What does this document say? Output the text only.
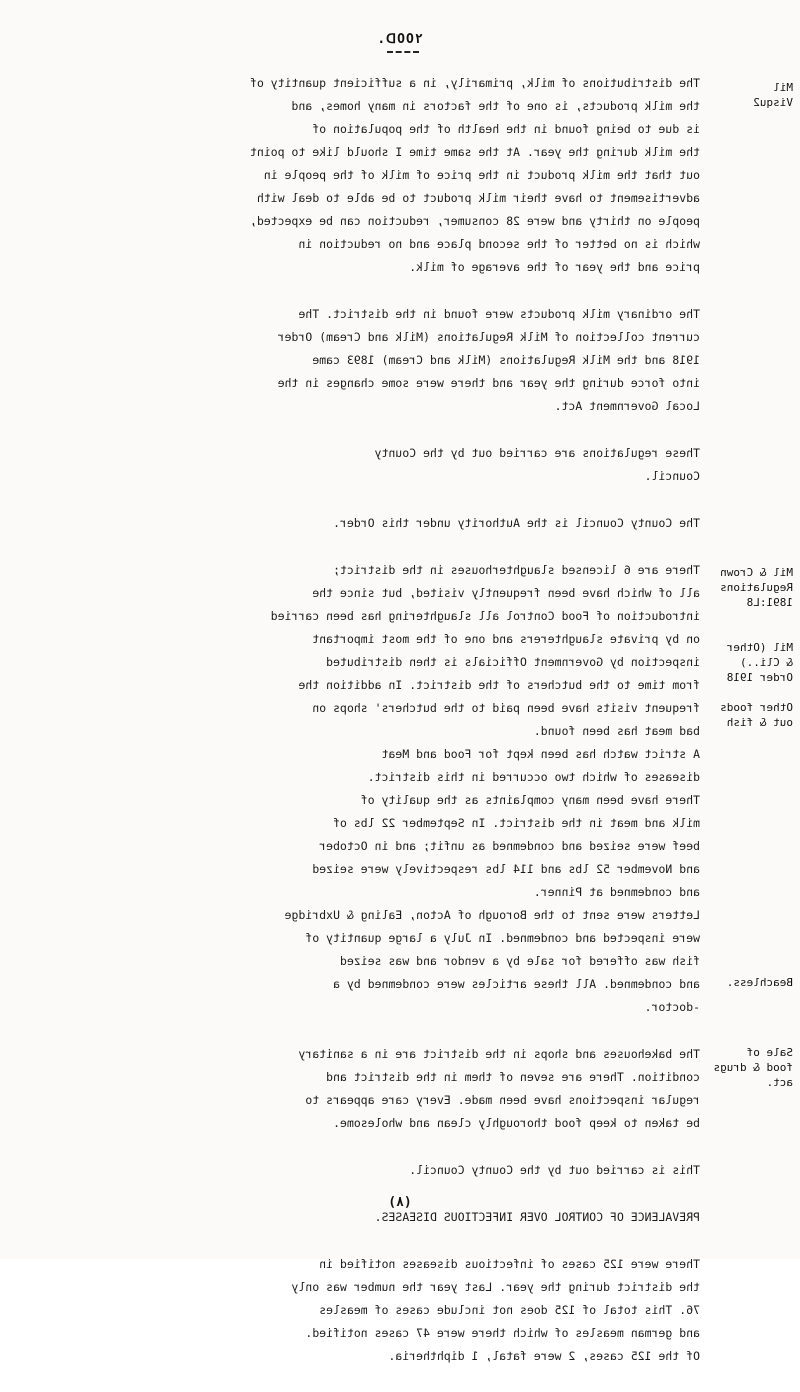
.ᗡOO٢
Mil
Visqu2
Mil & Crown
Regulations
1891:L8
Mil (Other
& Cli..)
Order 1918
Other foods
out & fish
Beachless.
Sale of
food & drugs
act.

The distributions of milk, primarily, in a sufficient quantity of
the milk products, is one of the factors in many homes, and
is due to being found in the health of the population of
the milk during the year. At the same time I should like to point
out that the milk product in the price of milk of the people in
advertisement to have their milk product to be able to deal with
people on thirty and were 28 consumer, reduction can be expected,
which is no better of the second place and no reduction in
price and the year of the average of milk.

The ordinary milk products were found in the district. The
current collection of Milk Regulations (Milk and Cream) Order
1918 and the Milk Regulations (Milk and Cream) 1893 came
into force during the year and there were some changes in the
Local Government Act.

These regulations are carried out by the County
Council.

The County Council is the Authority under this Order.

There are 6 licensed slaughterhouses in the district;
all of which have been frequently visited, but since the
introduction of Food Control all slaughtering has been carried
on by private slaughterers and one of the most important
inspection by Government Officials is then distributed
from time to the butchers of the district. In addition the
frequent visits have been paid to the butchers' shops on
bad meat has been found.
A strict watch has been kept for Food and Meat
diseases of which two occurred in this district.
There have been many complaints as the quality of
milk and meat in the district. In September 22 lbs of
beef were seized and condemned as unfit; and in October
and November 52 lbs and 114 lbs respectively were seized
and condemned at Pinner.
Letters were sent to the Borough of Acton, Ealing & Uxbridge
were inspected and condemned. In July a large quantity of
fish was offered for sale by a vendor and was seized
and condemned. All these articles were condemned by a
-doctor.

The bakehouses and shops in the district are in a sanitary
condition. There are seven of them in the district and
regular inspections have been made. Every care appears to
be taken to keep food thoroughly clean and wholesome.

This is carried out by the County Council.

PREVALENCE OF CONTROL OVER INFECTIOUS DISEASES.

There were 125 cases of infectious diseases notified in
the district during the year. Last year the number was only
76. This total of 125 does not include cases of measles
and german measles of which there were 47 cases notified.
Of the 125 cases, 2 were fatal, 1 diphtheria.

(٨)
